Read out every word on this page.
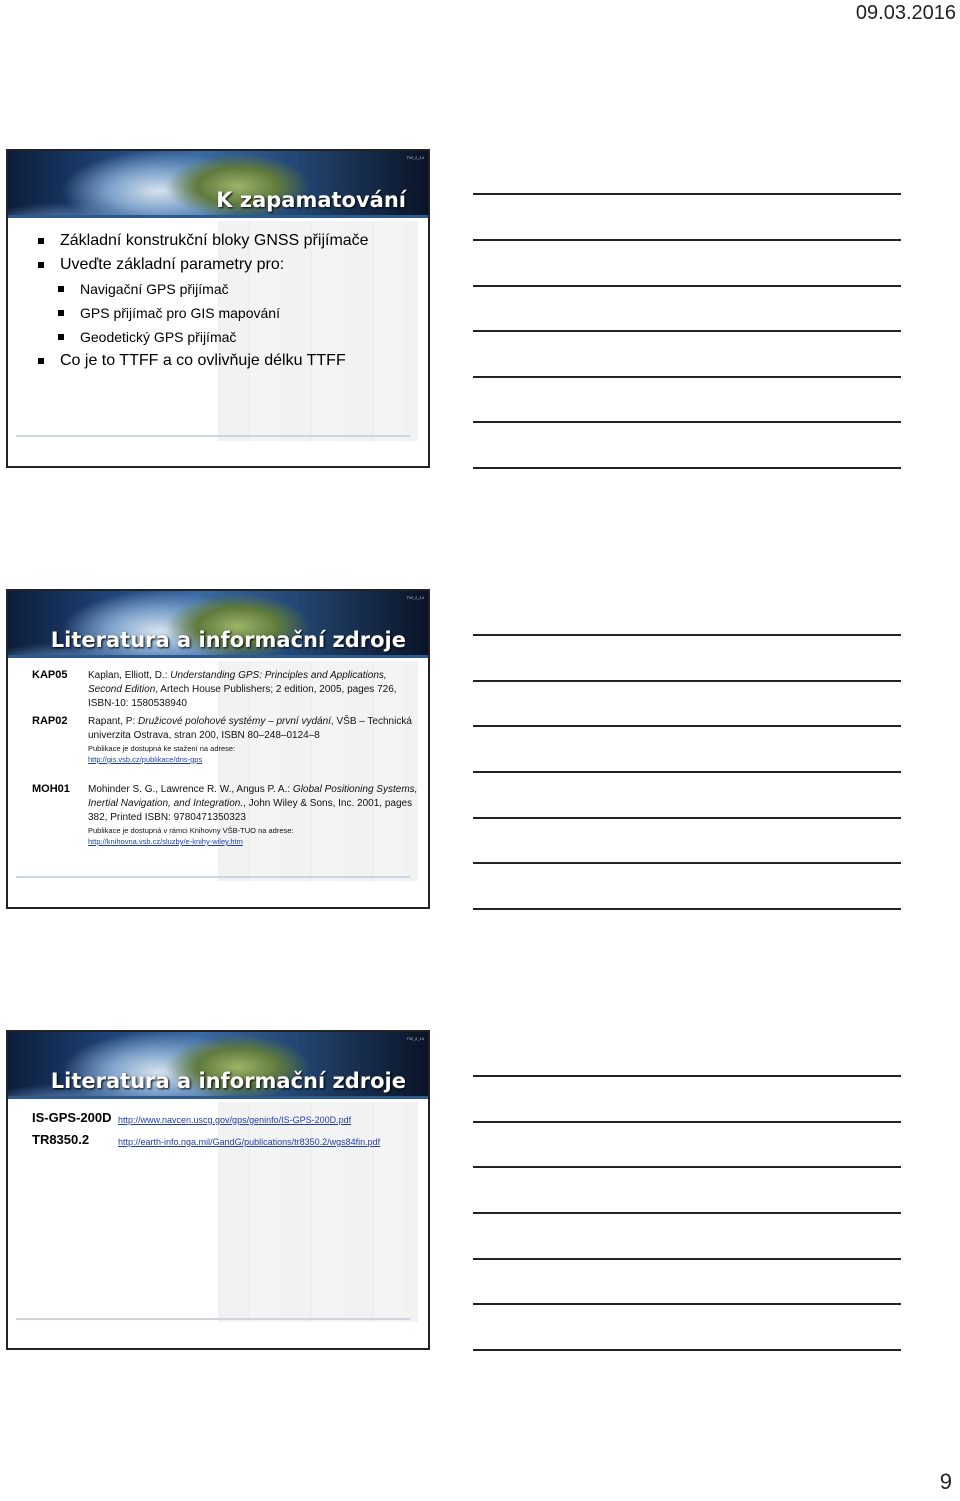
09.03.2016
TW_2_14
K zapamatování
Základní konstrukční bloky GNSS přijímače
Uveďte základní parametry pro:
Navigační GPS přijímač
GPS přijímač pro GIS mapování
Geodetický GPS přijímač
Co je to TTFF a co ovlivňuje délku TTFF
TW_2_14
Literatura a informační zdroje
KAP05 Kaplan, Elliott, D.: Understanding GPS: Principles and Applications, Second Edition, Artech House Publishers; 2 edition, 2005, pages 726, ISBN-10: 1580538940
RAP02 Rapant, P: Družicové polohové systémy – první vydání, VŠB – Technická univerzita Ostrava, stran 200, ISBN 80–248–0124–8
Publikace je dostupná ke stažení na adrese:
http://gis.vsb.cz/publikace/dns-gps
MOH01 Mohinder S. G., Lawrence R. W., Angus P. A.: Global Positioning Systems, Inertial Navigation, and Integration., John Wiley & Sons, Inc. 2001, pages 382, Printed ISBN: 9780471350323
Publikace je dostupná v rámci Knihovny VŠB-TUO na adrese:
http://knihovna.vsb.cz/sluzby/e-knihy-wiley.htm
TW_2_14
Literatura a informační zdroje
IS-GPS-200D http://www.navcen.uscg.gov/gps/geninfo/IS-GPS-200D.pdf
TR8350.2	http://earth-info.nga.mil/GandG/publications/tr8350.2/wgs84fin.pdf
9
